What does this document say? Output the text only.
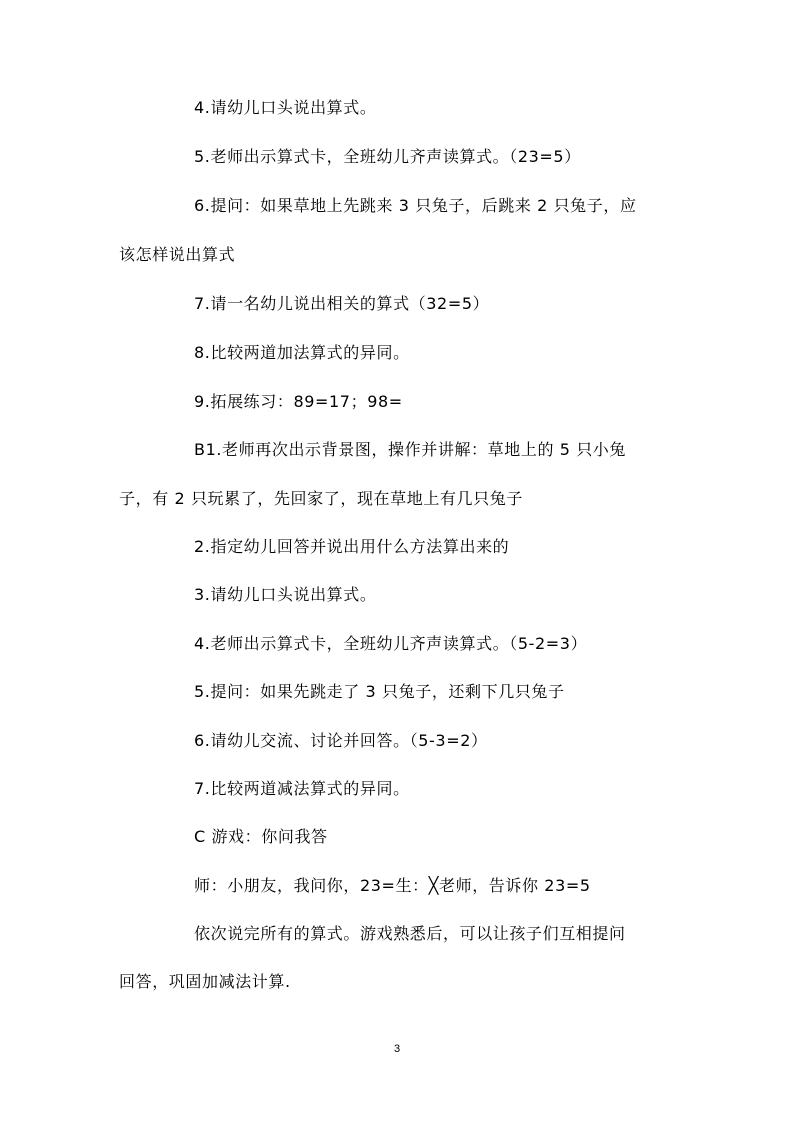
4.请幼儿口头说出算式。
5.老师出示算式卡，全班幼儿齐声读算式。（23=5）
6.提问：如果草地上先跳来 3 只兔子，后跳来 2 只兔子，应
该怎样说出算式
7.请一名幼儿说出相关的算式（32=5）
8.比较两道加法算式的异同。
9.拓展练习：89=17；98=
B1.老师再次出示背景图，操作并讲解：草地上的 5 只小兔
子，有 2 只玩累了，先回家了，现在草地上有几只兔子
2.指定幼儿回答并说出用什么方法算出来的
3.请幼儿口头说出算式。
4.老师出示算式卡，全班幼儿齐声读算式。（5-2=3）
5.提问：如果先跳走了 3 只兔子，还剩下几只兔子
6.请幼儿交流、讨论并回答。（5-3=2）
7.比较两道减法算式的异同。
C 游戏：你问我答
师：小朋友，我问你，23=生：╳老师，告诉你 23=5
依次说完所有的算式。游戏熟悉后，可以让孩子们互相提问
回答，巩固加减法计算.
3
